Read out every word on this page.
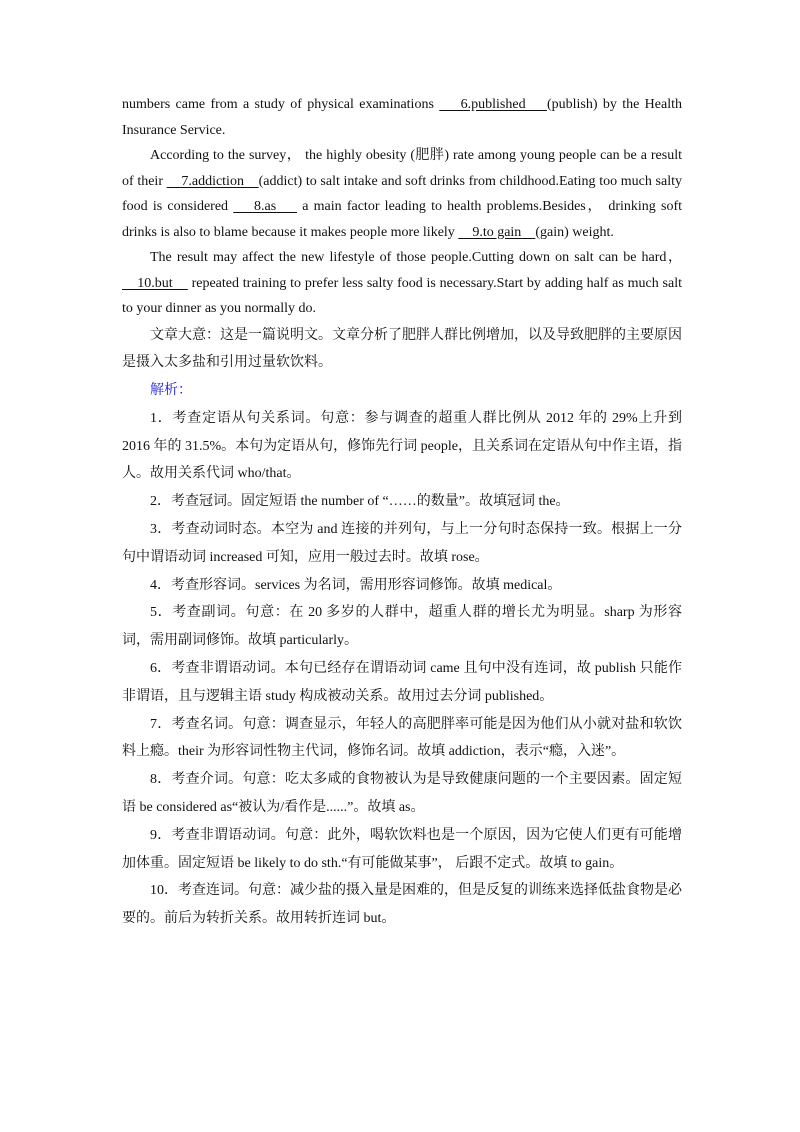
numbers came from a study of physical examinations     6.published    (publish) by the Health Insurance Service.

According to the survey， the highly obesity (肥胖) rate among young people can be a result of their     7.addiction    (addict) to salt intake and soft drinks from childhood.Eating too much salty food is considered     8.as     a main factor leading to health problems.Besides， drinking soft drinks is also to blame because it makes people more likely     9.to gain    (gain) weight.

The result may affect the new lifestyle of those people.Cutting down on salt can be hard，    10.but     repeated training to prefer less salty food is necessary.Start by adding half as much salt to your dinner as you normally do.

文章大意：这是一篇说明文。文章分析了肥胖人群比例增加，以及导致肥胖的主要原因是摄入太多盐和引用过量软饮料。

解析：

1．考查定语从句关系词。句意：参与调查的超重人群比例从 2012 年的 29%上升到 2016 年的 31.5%。本句为定语从句，修饰先行词 people，且关系词在定语从句中作主语，指人。故用关系代词 who/that。

2．考查冠词。固定短语 the number of “……的数量”。故填冠词 the。

3．考查动词时态。本空为 and 连接的并列句，与上一分句时态保持一致。根据上一分句中谓语动词 increased 可知，应用一般过去时。故填 rose。

4．考查形容词。services 为名词，需用形容词修饰。故填 medical。

5．考查副词。句意：在 20 多岁的人群中，超重人群的增长尤为明显。sharp 为形容词，需用副词修饰。故填 particularly。

6．考查非谓语动词。本句已经存在谓语动词 came 且句中没有连词，故 publish 只能作非谓语，且与逻辑主语 study 构成被动关系。故用过去分词 published。

7．考查名词。句意：调查显示，年轻人的高肥胖率可能是因为他们从小就对盐和软饮料上瘾。their 为形容词性物主代词，修饰名词。故填 addiction，表示“瘾，入迷”。

8．考查介词。句意：吃太多咸的食物被认为是导致健康问题的一个主要因素。固定短语 be considered as“被认为/看作是......”。故填 as。

9．考查非谓语动词。句意：此外，喝软饮料也是一个原因，因为它使人们更有可能增加体重。固定短语 be likely to do sth.“有可能做某事”， 后跟不定式。故填 to gain。

10．考查连词。句意：减少盐的摄入量是困难的，但是反复的训练来选择低盐食物是必要的。前后为转折关系。故用转折连词 but。
